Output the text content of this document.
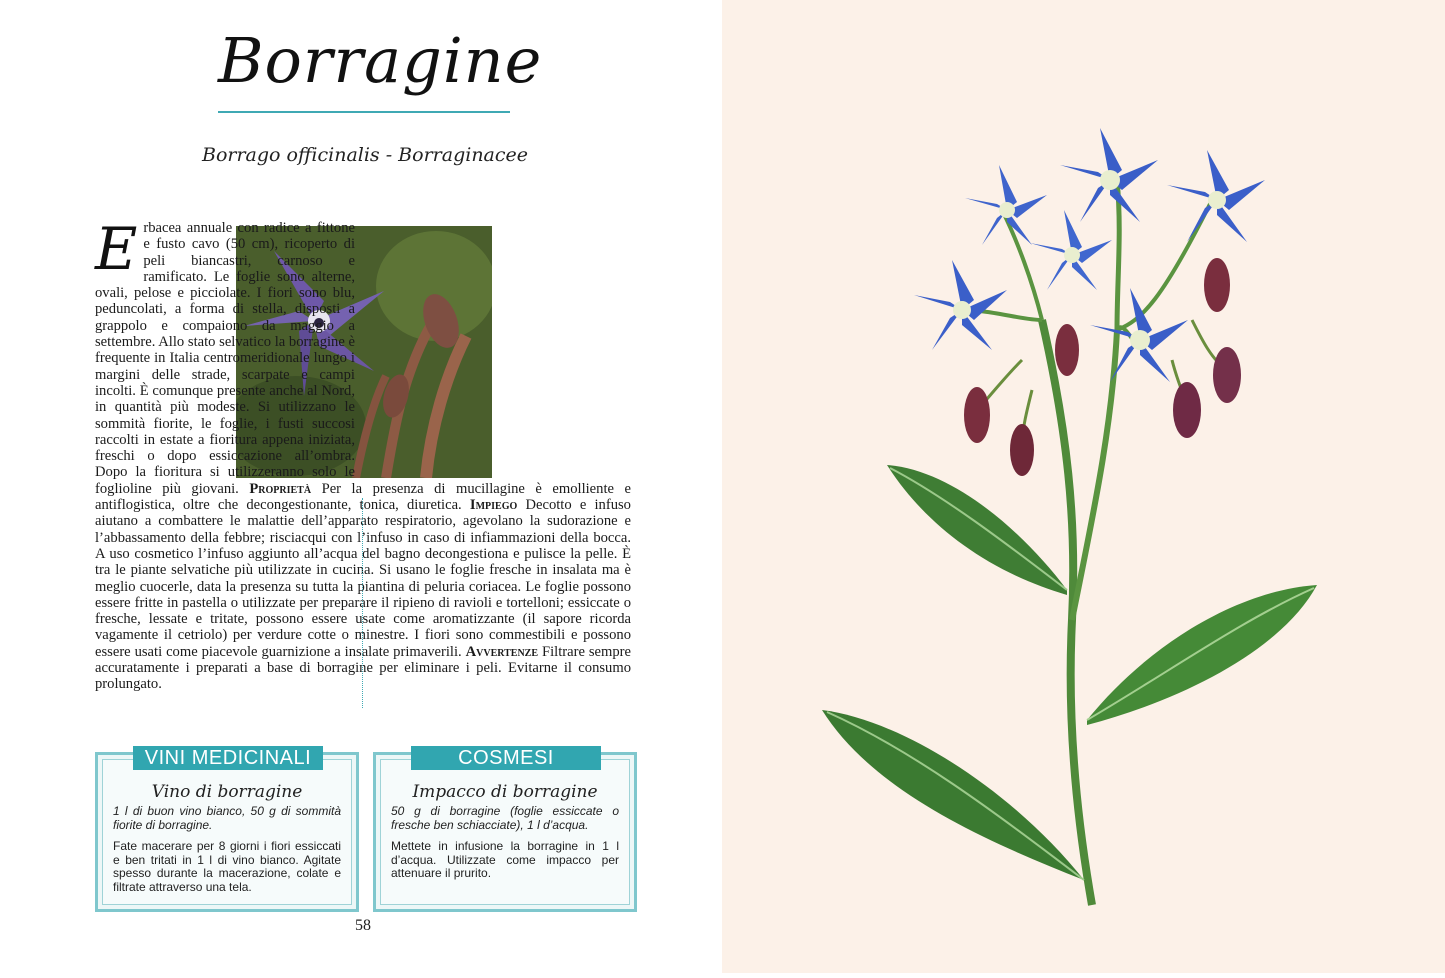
Borragine
Borrago officinalis - Borraginacee
E rbacea annuale con radice a fittone e fusto cavo (50 cm), ricoperto di peli biancastri, carnoso e ramificato. Le foglie sono alterne, ovali, pelose e picciolate. I fiori sono blu, peduncolati, a forma di stella, disposti a grappolo e compaiono da maggio a settembre. Allo stato selvatico la borragine è frequente in Italia centromeridionale lungo i margini delle strade, scarpate e campi incolti. È comunque presente anche al Nord, in quantità più modeste. Si utilizzano le sommità fiorite, le foglie, i fusti succosi raccolti in estate a fioritura appena iniziata, freschi o dopo essiccazione all’ombra. Dopo la fioritura si utilizzeranno solo le foglioline più giovani. Proprietà Per la presenza di mucillagine è emolliente e antiflogistica, oltre che decongestionante, tonica, diuretica. Impiego Decotto e infuso aiutano a combattere le malattie dell’apparato respiratorio, agevolano la sudorazione e l’abbassamento della febbre; risciacqui con l’infuso in caso di infiammazioni della bocca. A uso cosmetico l’infuso aggiunto all’acqua del bagno decongestiona e pulisce la pelle. È tra le piante selvatiche più utilizzate in cucina. Si usano le foglie fresche in insalata ma è meglio cuocerle, data la presenza su tutta la piantina di peluria coriacea. Le foglie possono essere fritte in pastella o utilizzate per preparare il ripieno di ravioli e tortelloni; essiccate o fresche, lessate e tritate, possono essere usate come aromatizzante (il sapore ricorda vagamente il cetriolo) per verdure cotte o minestre. I fiori sono commestibili e possono essere usati come piacevole guarnizione a insalate primaverili. Avvertenze Filtrare sempre accuratamente i preparati a base di borragine per eliminare i peli. Evitarne il consumo prolungato.
VINI MEDICINALI
Vino di borragine
1 l di buon vino bianco, 50 g di sommità fiorite di borragine.
Fate macerare per 8 giorni i fiori essiccati e ben tritati in 1 l di vino bianco. Agitate spesso durante la macerazione, colate e filtrate attraverso una tela.
COSMESI
Impacco di borragine
50 g di borragine (foglie essiccate o fresche ben schiacciate), 1 l d’acqua.
Mettete in infusione la borragine in 1 l d’acqua. Utilizzate come impacco per attenuare il prurito.
58
